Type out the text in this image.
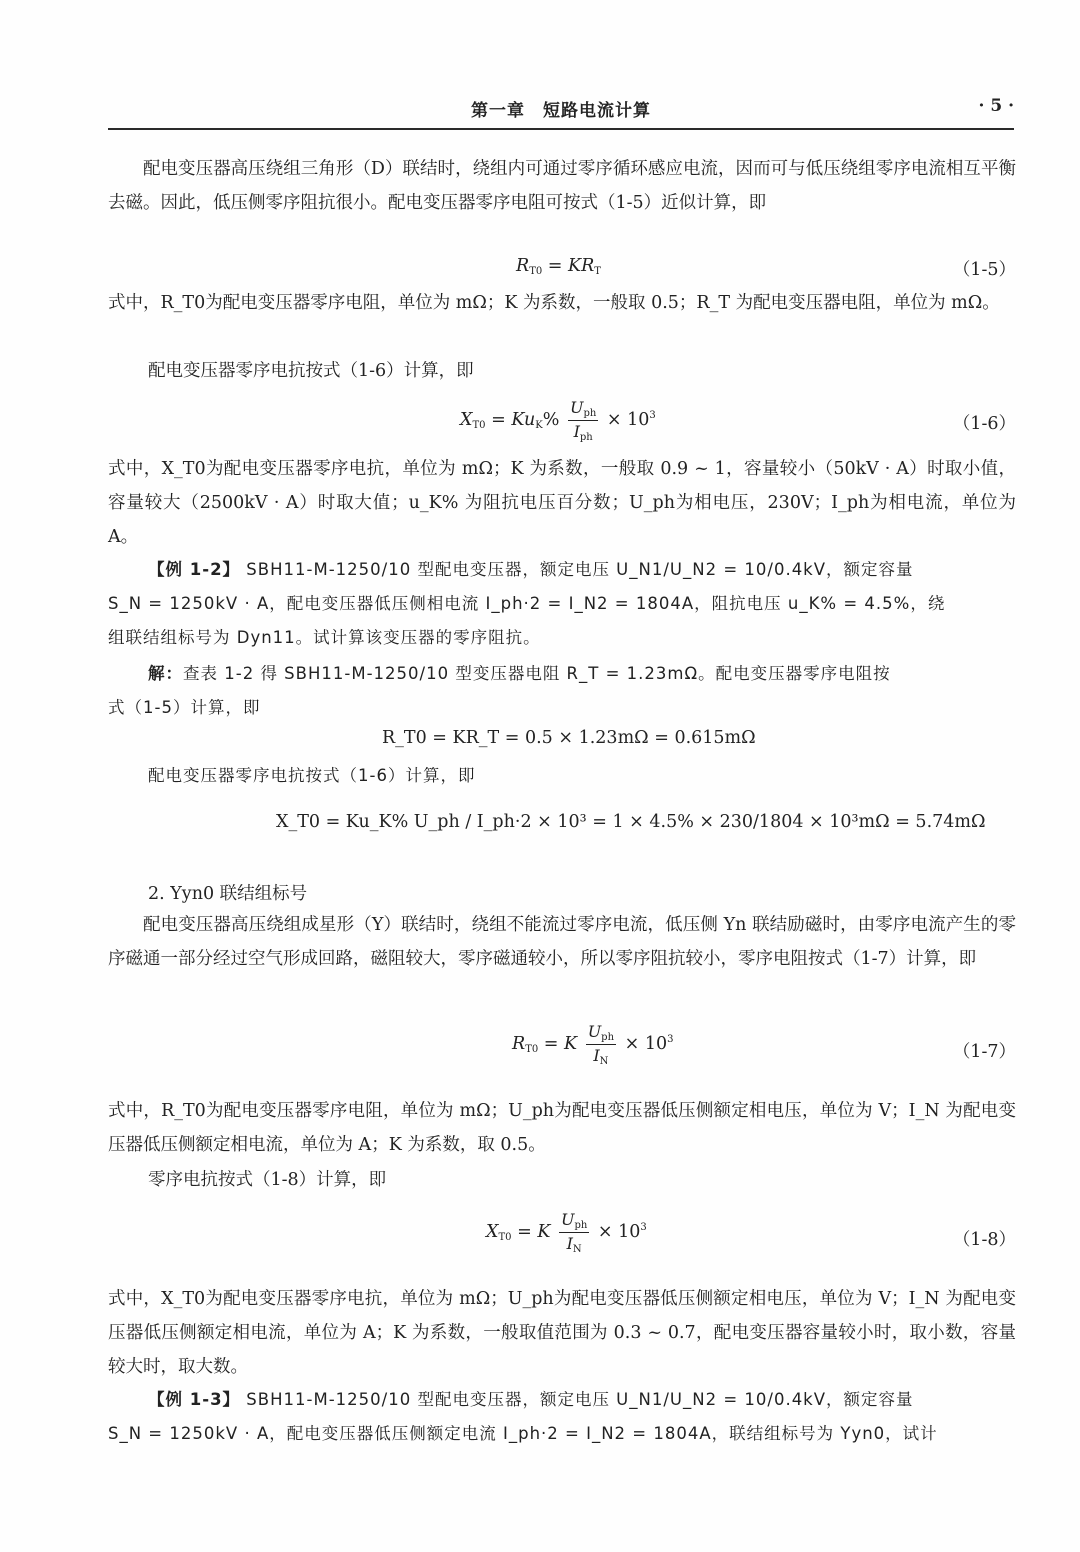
第一章　短路电流计算	· 5 ·
配电变压器高压绕组三角形（D）联结时，绕组内可通过零序循环感应电流，因而可与低压绕组零序电流相互平衡去磁。因此，低压侧零序阻抗很小。配电变压器零序电阻可按式（1-5）近似计算，即
$R_{T0} = KR_T$	（1-5）
式中，R_T0为配电变压器零序电阻，单位为 mΩ；K 为系数，一般取 0.5；R_T 为配电变压器电阻，单位为 mΩ。
配电变压器零序电抗按式（1-6）计算，即
$X_{T0} = Ku_K\% \frac{U_{ph}}{I_{ph}} \times 10^3$	（1-6）
式中，X_T0为配电变压器零序电抗，单位为 mΩ；K 为系数，一般取 0.9 ~ 1，容量较小（50kV · A）时取小值，容量较大（2500kV · A）时取大值；u_K% 为阻抗电压百分数；U_ph为相电压，230V；I_ph为相电流，单位为 A。
【例 1-2】 SBH11-M-1250/10 型配电变压器，额定电压 U_N1/U_N2 = 10/0.4kV，额定容量
S_N = 1250kV · A，配电变压器低压侧相电流 I_ph·2 = I_N2 = 1804A，阻抗电压 u_K% = 4.5%，绕
组联结组标号为 Dyn11。试计算该变压器的零序阻抗。
解：查表 1-2 得 SBH11-M-1250/10 型变压器电阻 R_T = 1.23mΩ。配电变压器零序电阻按
式（1-5）计算，即
R_T0 = KR_T = 0.5 × 1.23mΩ = 0.615mΩ
配电变压器零序电抗按式（1-6）计算，即
X_T0 = Ku_K% U_ph / I_ph·2 × 10³ = 1 × 4.5% × 230/1804 × 10³mΩ = 5.74mΩ
2. Yyn0 联结组标号
配电变压器高压绕组成星形（Y）联结时，绕组不能流过零序电流，低压侧 Yn 联结励磁时，由零序电流产生的零序磁通一部分经过空气形成回路，磁阻较大，零序磁通较小，所以零序阻抗较小，零序电阻按式（1-7）计算，即
$R_{T0} = K \frac{U_{ph}}{I_N} \times 10^3$
（1-7）
式中，R_T0为配电变压器零序电阻，单位为 mΩ；U_ph为配电变压器低压侧额定相电压，单位为 V；I_N 为配电变压器低压侧额定相电流，单位为 A；K 为系数，取 0.5。
零序电抗按式（1-8）计算，即
$X_{T0} = K \frac{U_{ph}}{I_N} \times 10^3$
（1-8）
式中，X_T0为配电变压器零序电抗，单位为 mΩ；U_ph为配电变压器低压侧额定相电压，单位为 V；I_N 为配电变压器低压侧额定相电流，单位为 A；K 为系数，一般取值范围为 0.3 ~ 0.7，配电变压器容量较小时，取小数，容量较大时，取大数。
【例 1-3】 SBH11-M-1250/10 型配电变压器，额定电压 U_N1/U_N2 = 10/0.4kV，额定容量
S_N = 1250kV · A，配电变压器低压侧额定电流 I_ph·2 = I_N2 = 1804A，联结组标号为 Yyn0，试计
